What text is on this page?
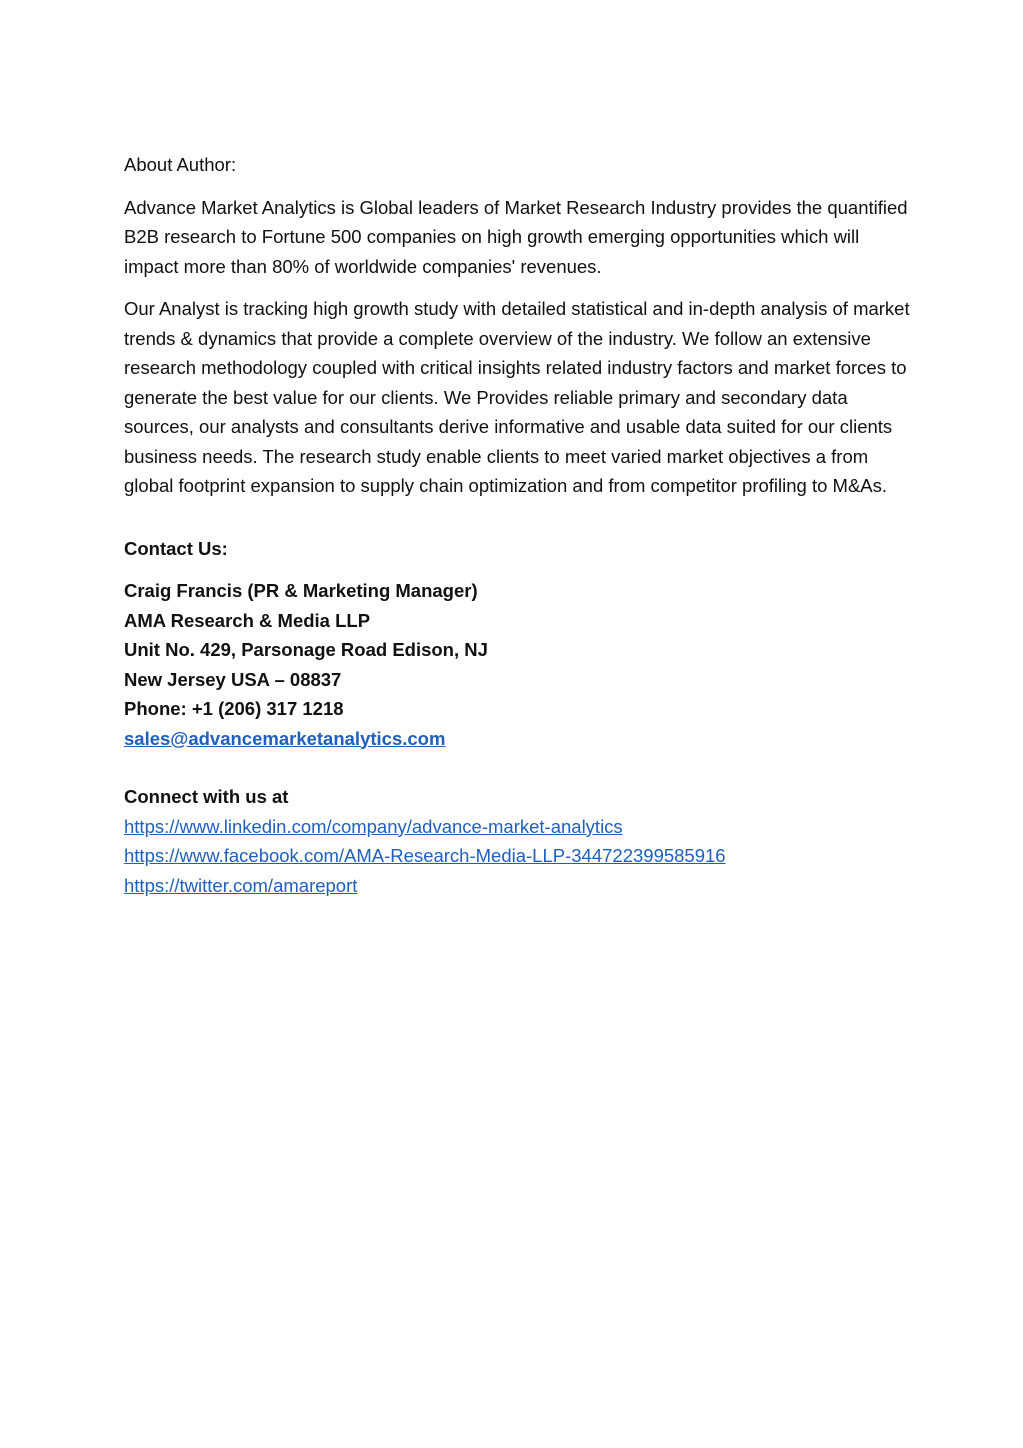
About Author:

Advance Market Analytics is Global leaders of Market Research Industry provides the quantified B2B research to Fortune 500 companies on high growth emerging opportunities which will impact more than 80% of worldwide companies' revenues.

Our Analyst is tracking high growth study with detailed statistical and in-depth analysis of market trends & dynamics that provide a complete overview of the industry. We follow an extensive research methodology coupled with critical insights related industry factors and market forces to generate the best value for our clients. We Provides reliable primary and secondary data sources, our analysts and consultants derive informative and usable data suited for our clients business needs. The research study enable clients to meet varied market objectives a from global footprint expansion to supply chain optimization and from competitor profiling to M&As.

Contact Us:

Craig Francis (PR & Marketing Manager)
AMA Research & Media LLP
Unit No. 429, Parsonage Road Edison, NJ
New Jersey USA – 08837
Phone: +1 (206) 317 1218
sales@advancemarketanalytics.com
Connect with us at
https://www.linkedin.com/company/advance-market-analytics
https://www.facebook.com/AMA-Research-Media-LLP-344722399585916
https://twitter.com/amareport
